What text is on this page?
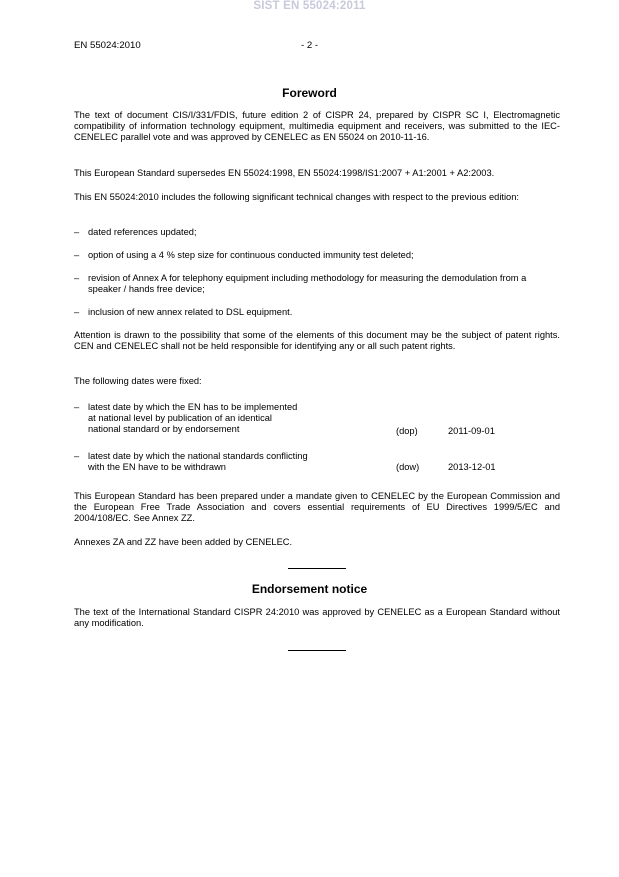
SIST EN 55024:2011
EN 55024:2010	- 2 -
Foreword
The text of document CIS/I/331/FDIS, future edition 2 of CISPR 24, prepared by CISPR SC I, Electromagnetic compatibility of information technology equipment, multimedia equipment and receivers, was submitted to the IEC-CENELEC parallel vote and was approved by CENELEC as EN 55024 on 2010-11-16.
This European Standard supersedes EN 55024:1998, EN 55024:1998/IS1:2007 + A1:2001 + A2:2003.
This EN 55024:2010 includes the following significant technical changes with respect to the previous edition:
– dated references updated;
– option of using a 4 % step size for continuous conducted immunity test deleted;
– revision of Annex A for telephony equipment including methodology for measuring the demodulation from a speaker / hands free device;
– inclusion of new annex related to DSL equipment.
Attention is drawn to the possibility that some of the elements of this document may be the subject of patent rights. CEN and CENELEC shall not be held responsible for identifying any or all such patent rights.
The following dates were fixed:
– latest date by which the EN has to be implemented
at national level by publication of an identical
national standard or by endorsement	(dop)	2011-09-01
– latest date by which the national standards conflicting
with the EN have to be withdrawn	(dow)	2013-12-01
This European Standard has been prepared under a mandate given to CENELEC by the European Commission and the European Free Trade Association and covers essential requirements of EU Directives 1999/5/EC and 2004/108/EC. See Annex ZZ.
Annexes ZA and ZZ have been added by CENELEC.
Endorsement notice
The text of the International Standard CISPR 24:2010 was approved by CENELEC as a European Standard without any modification.
